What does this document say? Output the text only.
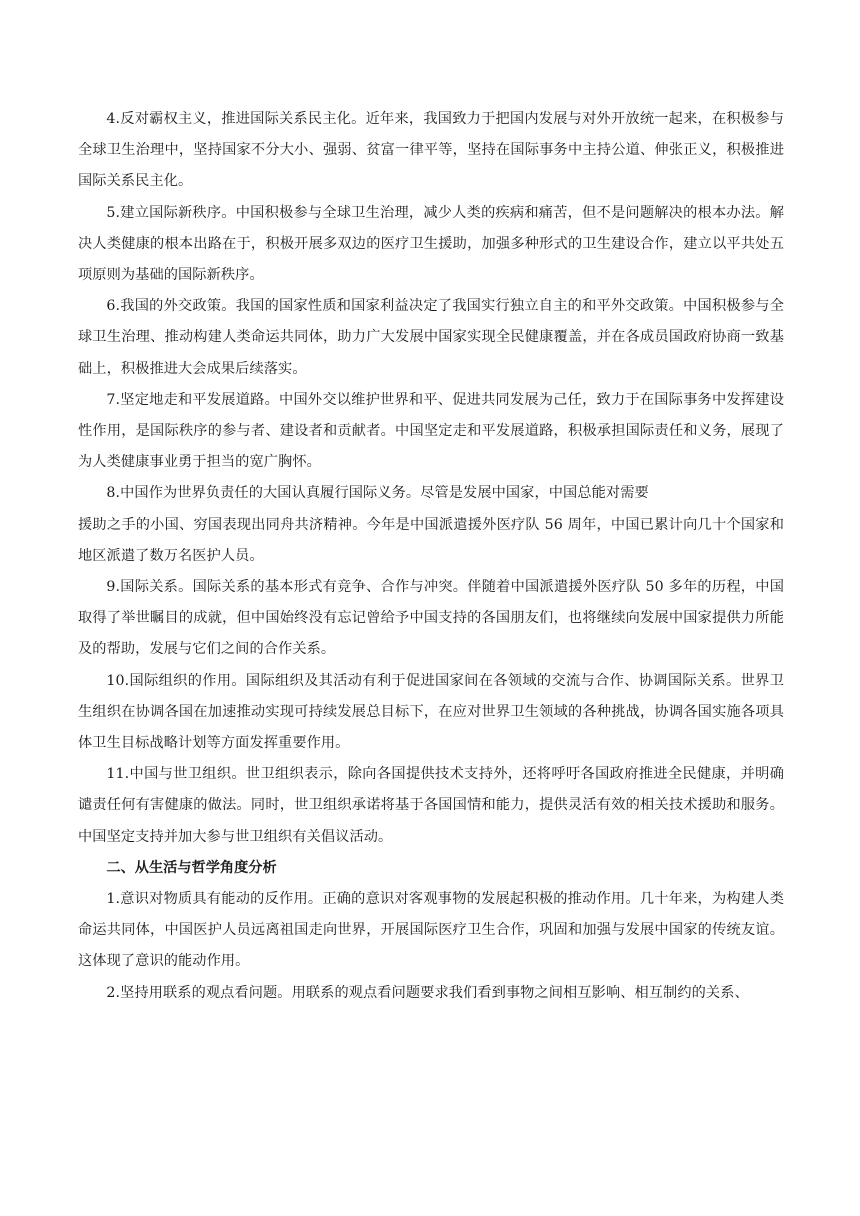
4.反对霸权主义，推进国际关系民主化。近年来，我国致力于把国内发展与对外开放统一起来，在积极参与全球卫生治理中，坚持国家不分大小、强弱、贫富一律平等，坚持在国际事务中主持公道、伸张正义，积极推进国际关系民主化。

5.建立国际新秩序。中国积极参与全球卫生治理，减少人类的疾病和痛苦，但不是问题解决的根本办法。解决人类健康的根本出路在于，积极开展多双边的医疗卫生援助，加强多种形式的卫生建设合作，建立以平共处五项原则为基础的国际新秩序。

6.我国的外交政策。我国的国家性质和国家利益决定了我国实行独立自主的和平外交政策。中国积极参与全球卫生治理、推动构建人类命运共同体，助力广大发展中国家实现全民健康覆盖，并在各成员国政府协商一致基础上，积极推进大会成果后续落实。

7.坚定地走和平发展道路。中国外交以维护世界和平、促进共同发展为己任，致力于在国际事务中发挥建设性作用，是国际秩序的参与者、建设者和贡献者。中国坚定走和平发展道路，积极承担国际责任和义务，展现了为人类健康事业勇于担当的宽广胸怀。

8.中国作为世界负责任的大国认真履行国际义务。尽管是发展中国家，中国总能对需要
援助之手的小国、穷国表现出同舟共济精神。今年是中国派遣援外医疗队 56 周年，中国已累计向几十个国家和地区派遣了数万名医护人员。

9.国际关系。国际关系的基本形式有竞争、合作与冲突。伴随着中国派遣援外医疗队 50 多年的历程，中国取得了举世瞩目的成就，但中国始终没有忘记曾给予中国支持的各国朋友们，也将继续向发展中国家提供力所能及的帮助，发展与它们之间的合作关系。

10.国际组织的作用。国际组织及其活动有利于促进国家间在各领域的交流与合作、协调国际关系。世界卫生组织在协调各国在加速推动实现可持续发展总目标下，在应对世界卫生领域的各种挑战，协调各国实施各项具体卫生目标战略计划等方面发挥重要作用。

11.中国与世卫组织。世卫组织表示，除向各国提供技术支持外，还将呼吁各国政府推进全民健康，并明确谴责任何有害健康的做法。同时，世卫组织承诺将基于各国国情和能力，提供灵活有效的相关技术援助和服务。中国坚定支持并加大参与世卫组织有关倡议活动。

二、从生活与哲学角度分析

1.意识对物质具有能动的反作用。正确的意识对客观事物的发展起积极的推动作用。几十年来，为构建人类命运共同体，中国医护人员远离祖国走向世界，开展国际医疗卫生合作，巩固和加强与发展中国家的传统友谊。这体现了意识的能动作用。

2.坚持用联系的观点看问题。用联系的观点看问题要求我们看到事物之间相互影响、相互制约的关系、
